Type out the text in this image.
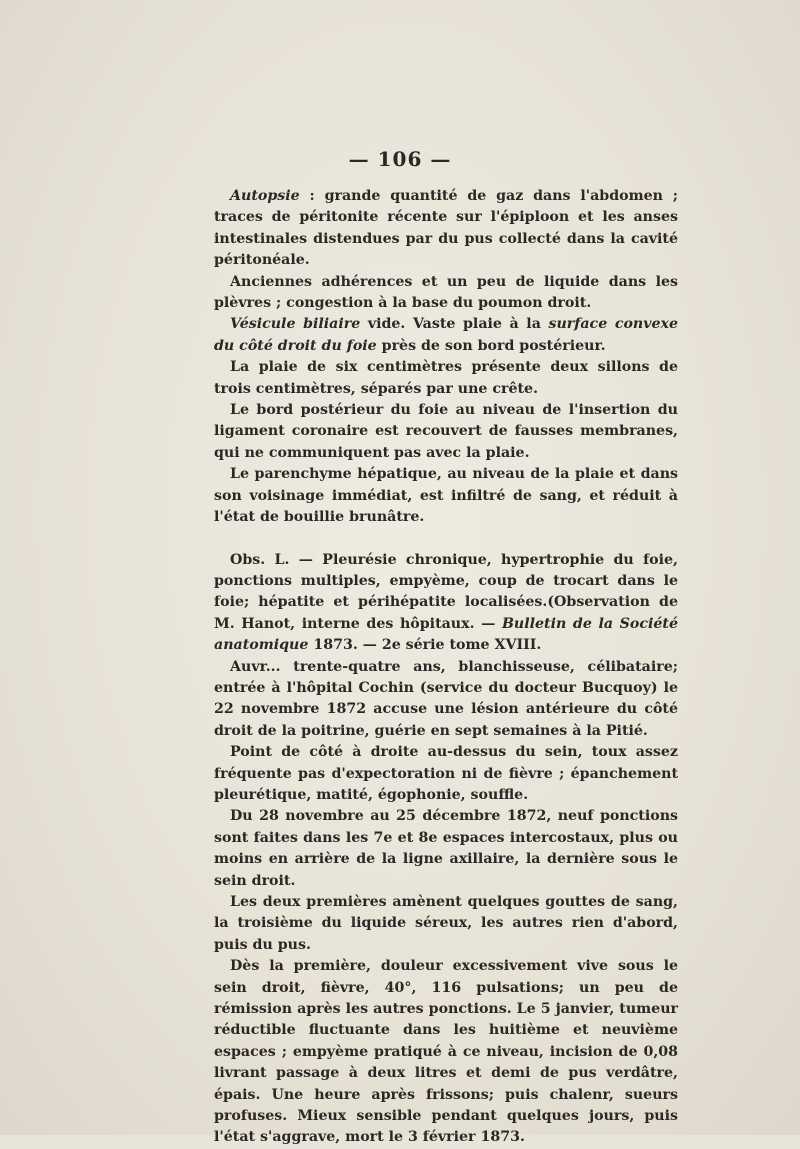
— 106 —

Autopsie : grande quantité de gaz dans l'abdomen ; traces de péritonite récente sur l'épiploon et les anses intestinales distendues par du pus collecté dans la cavité péritonéale.

Anciennes adhérences et un peu de liquide dans les plèvres ; congestion à la base du poumon droit.

Vésicule biliaire vide. Vaste plaie à la surface convexe du côté droit du foie près de son bord postérieur.

La plaie de six centimètres présente deux sillons de trois centimètres, séparés par une crête.

Le bord postérieur du foie au niveau de l'insertion du ligament coronaire est recouvert de fausses membranes, qui ne communiquent pas avec la plaie.

Le parenchyme hépatique, au niveau de la plaie et dans son voisinage immédiat, est infiltré de sang, et réduit à l'état de bouillie brunâtre.

Obs. L. — Pleurésie chronique, hypertrophie du foie, ponctions multiples, empyème, coup de trocart dans le foie; hépatite et périhépatite localisées.(Observation de M. Hanot, interne des hôpitaux. — Bulletin de la Société anatomique 1873. — 2e série tome XVIII.

Auvr... trente-quatre ans, blanchisseuse, célibataire; entrée à l'hôpital Cochin (service du docteur Bucquoy) le 22 novembre 1872 accuse une lésion antérieure du côté droit de la poitrine, guérie en sept semaines à la Pitié.

Point de côté à droite au-dessus du sein, toux assez fréquente pas d'expectoration ni de fièvre ; épanchement pleurétique, matité, égophonie, souffle.

Du 28 novembre au 25 décembre 1872, neuf ponctions sont faites dans les 7e et 8e espaces intercostaux, plus ou moins en arrière de la ligne axillaire, la dernière sous le sein droit.

Les deux premières amènent quelques gouttes de sang, la troisième du liquide séreux, les autres rien d'abord, puis du pus.

Dès la première, douleur excessivement vive sous le sein droit, fièvre, 40°, 116 pulsations; un peu de rémission après les autres ponctions. Le 5 janvier, tumeur réductible fluctuante dans les huitième et neuvième espaces ; empyème pratiqué à ce niveau, incision de 0,08 livrant passage à deux litres et demi de pus verdâtre, épais. Une heure après frissons; puis chalenr, sueurs profuses. Mieux sensible pendant quelques jours, puis l'état s'aggrave, mort le 3 février 1873.
